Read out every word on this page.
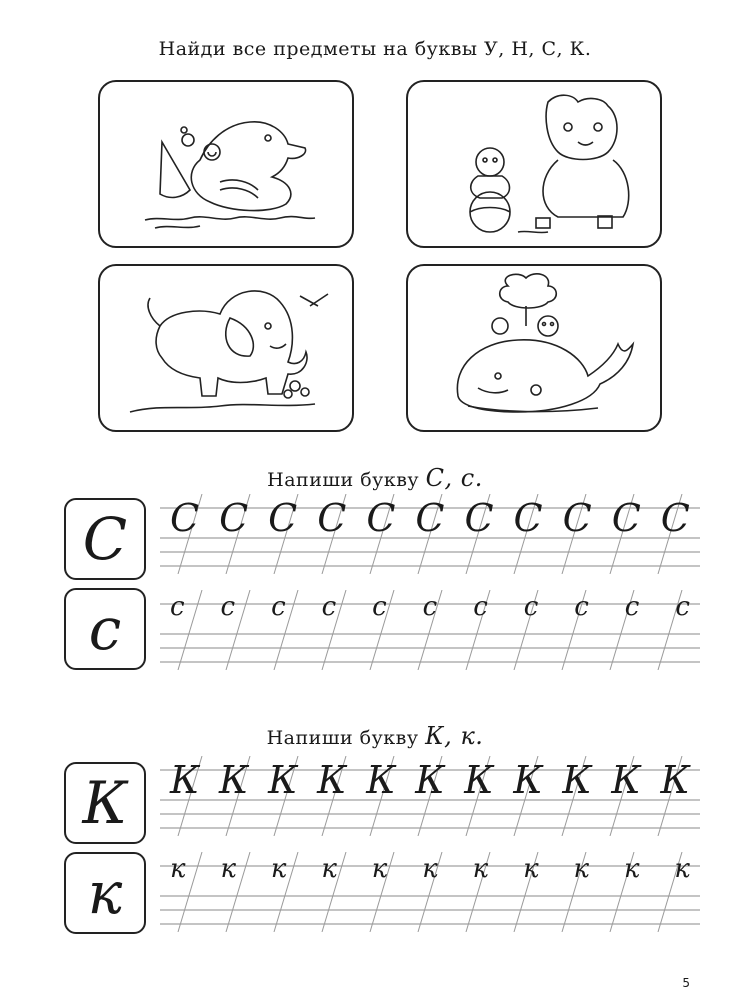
Найди все предметы на буквы У, Н, С, К.
Напиши букву С, с.
С
с
С С С С С С С С С С С
с с с с с с с с с с с
Напиши букву К, к.
К
к
К К К К К К К К К К К
к к к к к к к к к к к
5
